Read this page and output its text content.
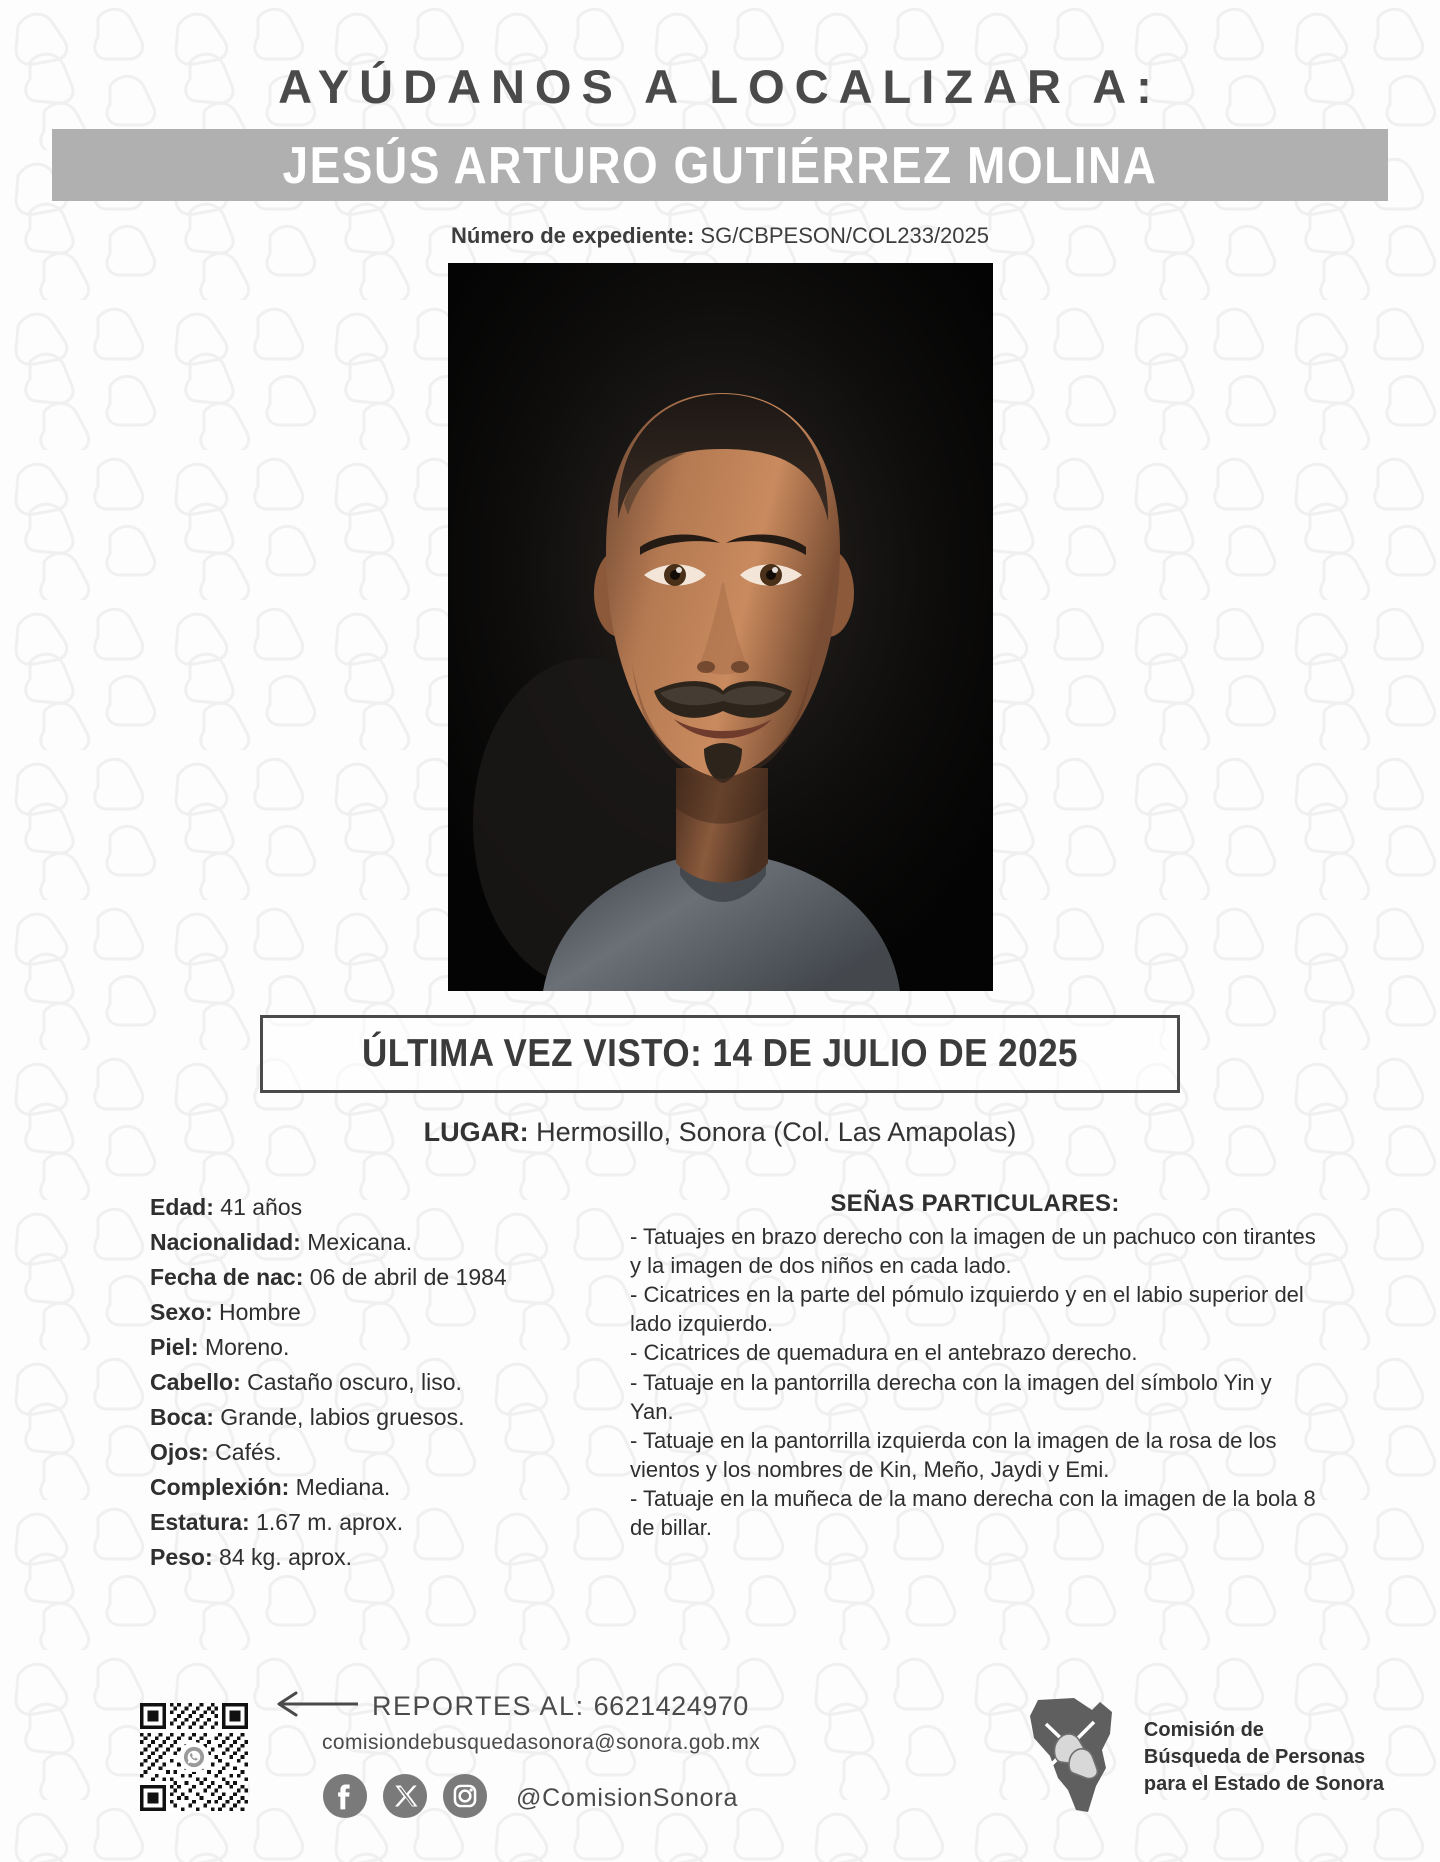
AYÚDANOS A LOCALIZAR A:
JESÚS ARTURO GUTIÉRREZ MOLINA
Número de expediente: SG/CBPESON/COL233/2025
ÚLTIMA VEZ VISTO: 14 DE JULIO DE 2025
LUGAR: Hermosillo, Sonora (Col. Las Amapolas)
Edad: 41 años
Nacionalidad: Mexicana.
Fecha de nac: 06 de abril de 1984
Sexo: Hombre
Piel: Moreno.
Cabello: Castaño oscuro, liso.
Boca: Grande, labios gruesos.
Ojos: Cafés.
Complexión: Mediana.
Estatura: 1.67 m. aprox.
Peso: 84 kg. aprox.
SEÑAS PARTICULARES:

- Tatuajes en brazo derecho con la imagen de un pachuco con tirantes y la imagen de dos niños en cada lado.

- Cicatrices en la parte del pómulo izquierdo y en el labio superior del lado izquierdo.

- Cicatrices de quemadura en el antebrazo derecho.

- Tatuaje en la pantorrilla derecha con la imagen del símbolo Yin y Yan.

- Tatuaje en la pantorrilla izquierda con la imagen de la rosa de los vientos y los nombres de Kin, Meño, Jaydi y Emi.

- Tatuaje en la muñeca de la mano derecha con la imagen de la bola 8 de billar.

REPORTES AL: 6621424970
comisiondebusquedasonora@sonora.gob.mx
@ComisionSonora
Comisión de
Búsqueda de Personas
para el Estado de Sonora
